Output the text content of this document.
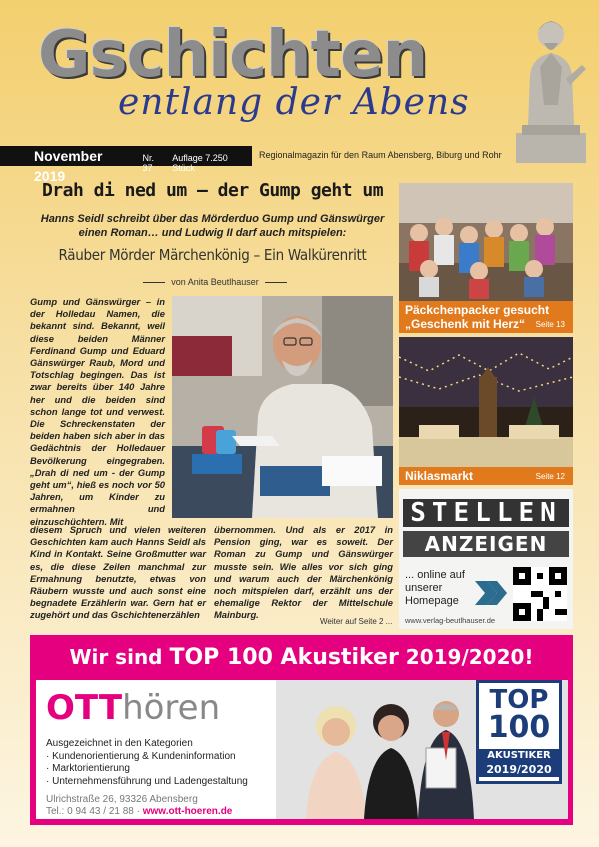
Gschichten
entlang der Abens
November 2019
Nr. 37
Auflage 7.250 Stück
Regionalmagazin für den Raum Abensberg, Biburg und Rohr
Drah di ned um – der Gump geht um
Hanns Seidl schreibt über das Mörderduo Gump und Gänswürger einen Roman… und Ludwig II darf auch mitspielen:
Räuber Mörder Märchenkönig – Ein Walkürenritt
von Anita Beutlhauser
Gump und Gänswürger – in der Holledau Namen, die bekannt sind. Bekannt, weil diese beiden Männer Ferdinand Gump und Eduard Gänswürger Raub, Mord und Totschlag begingen. Das ist zwar bereits über 140 Jahre her und die beiden sind schon lange tot und verwest. Die Schreckenstaten der beiden haben sich aber in das Gedächtnis der Holledauer Bevölkerung eingegraben. „Drah di ned um - der Gump geht um“, hieß es noch vor 50 Jahren, um Kinder zu ermahnen und einzuschüchtern. Mit
diesem Spruch und vielen weiteren Geschichten kam auch Hanns Seidl als Kind in Kontakt. Seine Großmutter war es, die diese Zeilen manchmal zur Ermahnung benutzte, etwas von Räubern wusste und auch sonst eine begnadete Erzählerin war. Gern hat er zugehört und das Gschichtenerzählen
übernommen. Und als er 2017 in Pension ging, war es soweit. Der Roman zu Gump und Gänswürger musste sein. Wie alles vor sich ging und warum auch der Märchenkönig noch mitspielen darf, erzählt uns der ehemalige Rektor der Mittelschule Mainburg.
Weiter auf Seite 2 ...
Päckchenpacker gesucht
„Geschenk mit Herz“	Seite 13
Niklasmarkt	Seite 12
STELLEN
ANZEIGEN
... online auf unserer Homepage
www.verlag-beutlhauser.de
Wir sind TOP 100 Akustiker 2019/2020!
OTThören
Ausgezeichnet in den Kategorien
· Kundenorientierung & Kundeninformation
· Marktorientierung
· Unternehmensführung und Ladengestaltung
Ulrichstraße 26, 93326 Abensberg
Tel.: 0 94 43 / 21 88 · www.ott-hoeren.de
TOP
100
AKUSTIKER
2019/2020
